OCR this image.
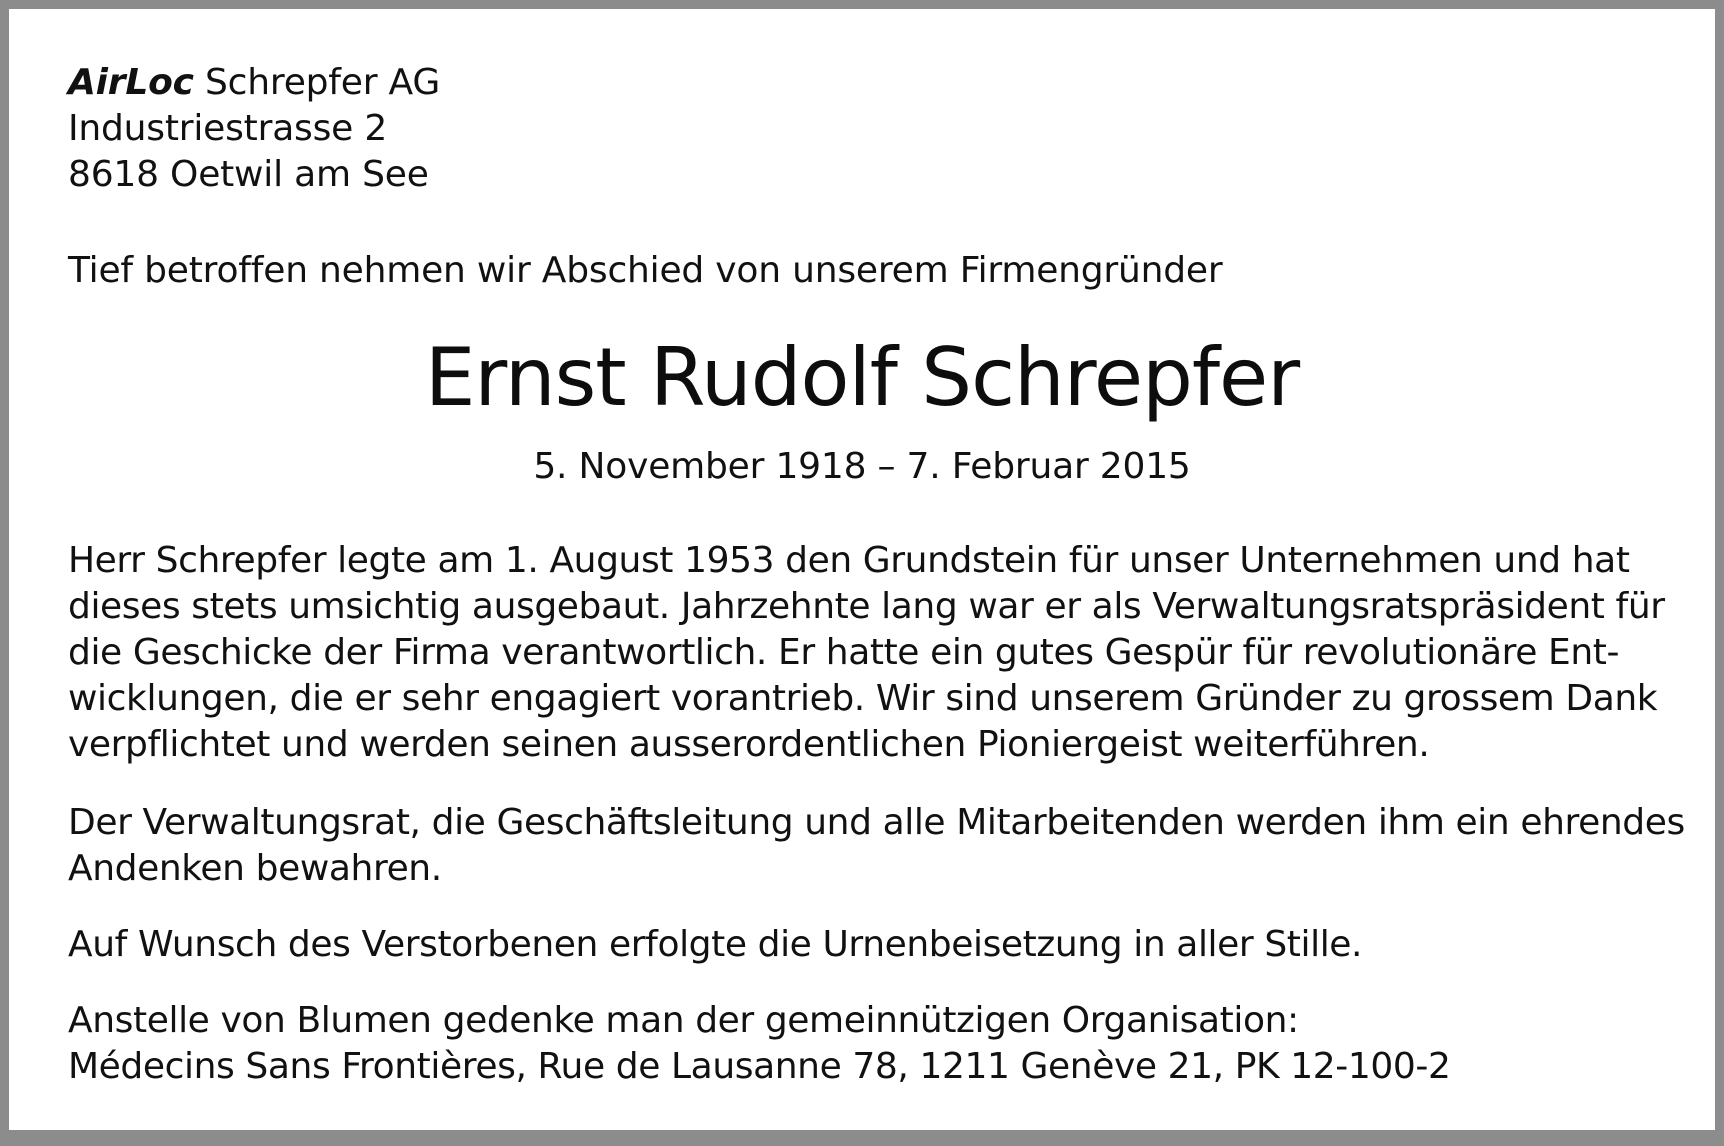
AirLoc Schrepfer AG
Industriestrasse 2
8618 Oetwil am See
Tief betroffen nehmen wir Abschied von unserem Firmengründer
Ernst Rudolf Schrepfer
5. November 1918 – 7. Februar 2015
Herr Schrepfer legte am 1. August 1953 den Grundstein für unser Unternehmen und hat
dieses stets umsichtig ausgebaut. Jahrzehnte lang war er als Verwaltungsratspräsident für
die Geschicke der Firma verantwortlich. Er hatte ein gutes Gespür für revolutionäre Ent-
wicklungen, die er sehr engagiert vorantrieb. Wir sind unserem Gründer zu grossem Dank
verpflichtet und werden seinen ausserordentlichen Pioniergeist weiterführen.
Der Verwaltungsrat, die Geschäftsleitung und alle Mitarbeitenden werden ihm ein ehrendes
Andenken bewahren.
Auf Wunsch des Verstorbenen erfolgte die Urnenbeisetzung in aller Stille.
Anstelle von Blumen gedenke man der gemeinnützigen Organisation:
Médecins Sans Frontières, Rue de Lausanne 78, 1211 Genève 21, PK 12-100-2
